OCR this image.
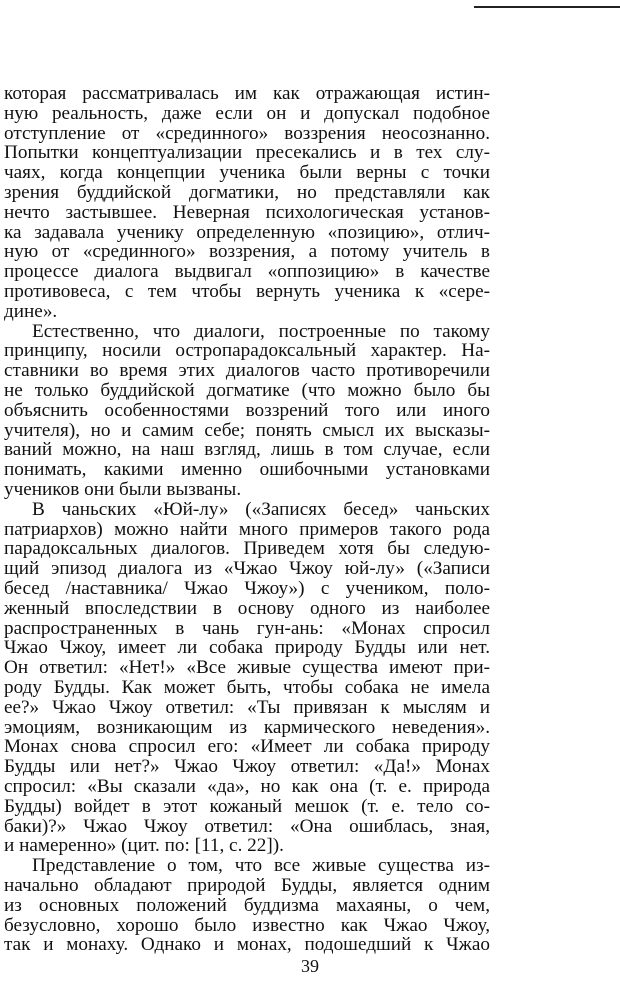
которая рассматривалась им как отражающая истин-
ную реальность, даже если он и допускал подобное
отступление от «срединного» воззрения неосознанно.
Попытки концептуализации пресекались и в тех слу-
чаях, когда концепции ученика были верны с точки
зрения буддийской догматики, но представляли как
нечто застывшее. Неверная психологическая установ-
ка задавала ученику определенную «позицию», отлич-
ную от «срединного» воззрения, а потому учитель в
процессе диалога выдвигал «оппозицию» в качестве
противовеса, с тем чтобы вернуть ученика к «сере-
дине».
Естественно, что диалоги, построенные по такому
принципу, носили остропарадоксальный характер. На-
ставники во время этих диалогов часто противоречили
не только буддийской догматике (что можно было бы
объяснить особенностями воззрений того или иного
учителя), но и самим себе; понять смысл их высказы-
ваний можно, на наш взгляд, лишь в том случае, если
понимать, какими именно ошибочными установками
учеников они были вызваны.
В чаньских «Юй-лу» («Записях бесед» чаньских
патриархов) можно найти много примеров такого рода
парадоксальных диалогов. Приведем хотя бы следую-
щий эпизод диалога из «Чжао Чжоу юй-лу» («Записи
бесед /наставника/ Чжао Чжоу») с учеником, поло-
женный впоследствии в основу одного из наиболее
распространенных в чань гун-ань: «Монах спросил
Чжао Чжоу, имеет ли собака природу Будды или нет.
Он ответил: «Нет!» «Все живые существа имеют при-
роду Будды. Как может быть, чтобы собака не имела
ее?» Чжао Чжоу ответил: «Ты привязан к мыслям и
эмоциям, возникающим из кармического неведения».
Монах снова спросил его: «Имеет ли собака природу
Будды или нет?» Чжао Чжоу ответил: «Да!» Монах
спросил: «Вы сказали «да», но как она (т. е. природа
Будды) войдет в этот кожаный мешок (т. е. тело со-
баки)?» Чжао Чжоу ответил: «Она ошиблась, зная,
и намеренно» (цит. по: [11, с. 22]).
Представление о том, что все живые существа из-
начально обладают природой Будды, является одним
из основных положений буддизма махаяны, о чем,
безусловно, хорошо было известно как Чжао Чжоу,
так и монаху. Однако и монах, подошедший к Чжао
39
